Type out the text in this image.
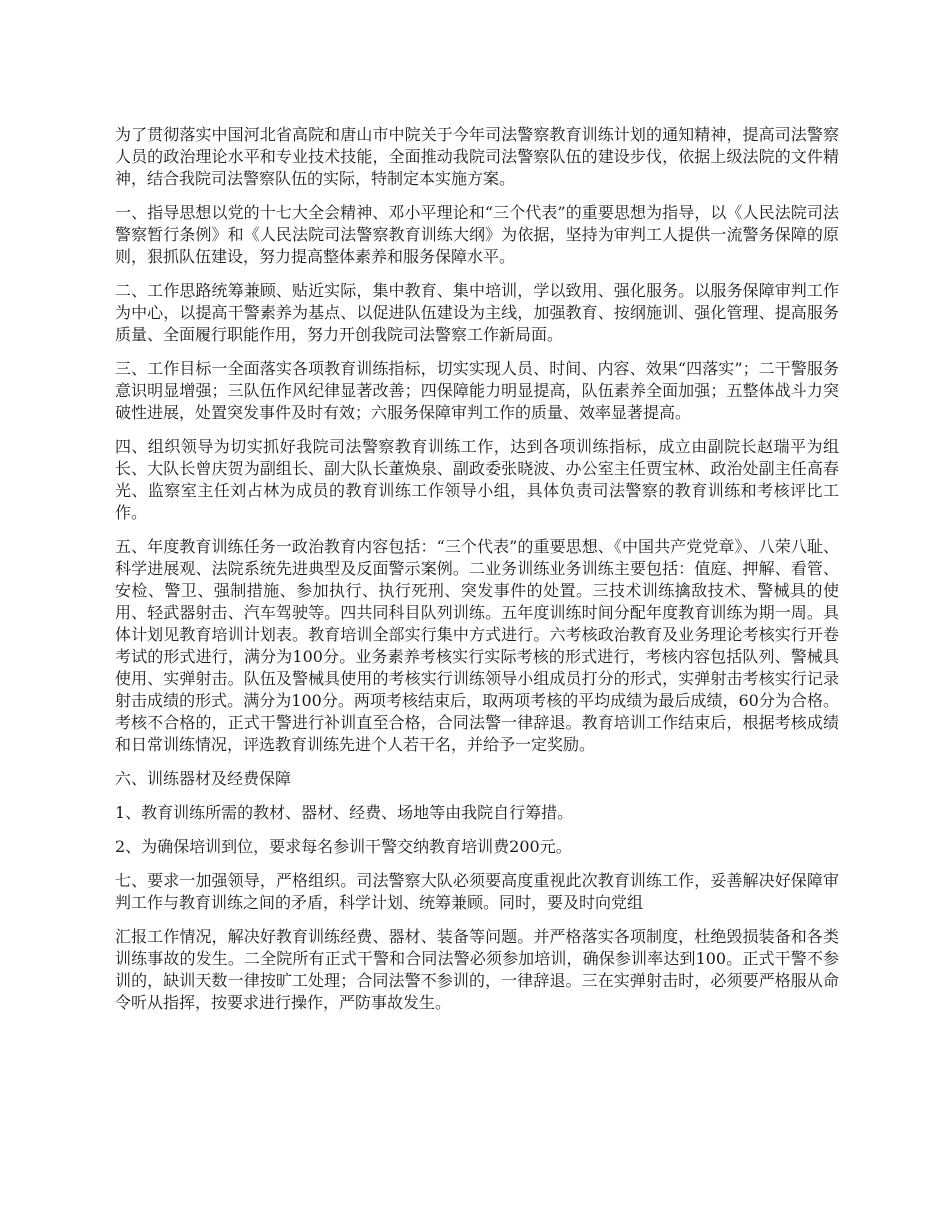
为了贯彻落实中国河北省高院和唐山市中院关于今年司法警察教育训练计划的通知精神，提高司法警察人员的政治理论水平和专业技术技能，全面推动我院司法警察队伍的建设步伐，依据上级法院的文件精神，结合我院司法警察队伍的实际，特制定本实施方案。

一、指导思想以党的十七大全会精神、邓小平理论和“三个代表”的重要思想为指导，以《人民法院司法警察暂行条例》和《人民法院司法警察教育训练大纲》为依据，坚持为审判工人提供一流警务保障的原则，狠抓队伍建设，努力提高整体素养和服务保障水平。

二、工作思路统筹兼顾、贴近实际，集中教育、集中培训，学以致用、强化服务。以服务保障审判工作为中心，以提高干警素养为基点、以促进队伍建设为主线，加强教育、按纲施训、强化管理、提高服务质量、全面履行职能作用，努力开创我院司法警察工作新局面。

三、工作目标一全面落实各项教育训练指标，切实实现人员、时间、内容、效果“四落实”；二干警服务意识明显增强；三队伍作风纪律显著改善；四保障能力明显提高，队伍素养全面加强；五整体战斗力突破性进展，处置突发事件及时有效；六服务保障审判工作的质量、效率显著提高。

四、组织领导为切实抓好我院司法警察教育训练工作，达到各项训练指标，成立由副院长赵瑞平为组长、大队长曾庆贺为副组长、副大队长董焕泉、副政委张晓波、办公室主任贾宝林、政治处副主任高春光、监察室主任刘占林为成员的教育训练工作领导小组，具体负责司法警察的教育训练和考核评比工作。

五、年度教育训练任务一政治教育内容包括：“三个代表”的重要思想、《中国共产党党章》、八荣八耻、科学进展观、法院系统先进典型及反面警示案例。二业务训练业务训练主要包括：值庭、押解、看管、安检、警卫、强制措施、参加执行、执行死刑、突发事件的处置。三技术训练擒敌技术、警械具的使用、轻武器射击、汽车驾驶等。四共同科目队列训练。五年度训练时间分配年度教育训练为期一周。具体计划见教育培训计划表。教育培训全部实行集中方式进行。六考核政治教育及业务理论考核实行开卷考试的形式进行，满分为100分。业务素养考核实行实际考核的形式进行，考核内容包括队列、警械具使用、实弹射击。队伍及警械具使用的考核实行训练领导小组成员打分的形式，实弹射击考核实行记录射击成绩的形式。满分为100分。两项考核结束后，取两项考核的平均成绩为最后成绩，60分为合格。考核不合格的，正式干警进行补训直至合格，合同法警一律辞退。教育培训工作结束后，根据考核成绩和日常训练情况，评选教育训练先进个人若干名，并给予一定奖励。

六、训练器材及经费保障

1、教育训练所需的教材、器材、经费、场地等由我院自行筹措。

2、为确保培训到位，要求每名参训干警交纳教育培训费200元。

七、要求一加强领导，严格组织。司法警察大队必须要高度重视此次教育训练工作，妥善解决好保障审判工作与教育训练之间的矛盾，科学计划、统筹兼顾。同时，要及时向党组

汇报工作情况，解决好教育训练经费、器材、装备等问题。并严格落实各项制度，杜绝毁损装备和各类训练事故的发生。二全院所有正式干警和合同法警必须参加培训，确保参训率达到100。正式干警不参训的，缺训天数一律按旷工处理；合同法警不参训的，一律辞退。三在实弹射击时，必须要严格服从命令听从指挥，按要求进行操作，严防事故发生。
